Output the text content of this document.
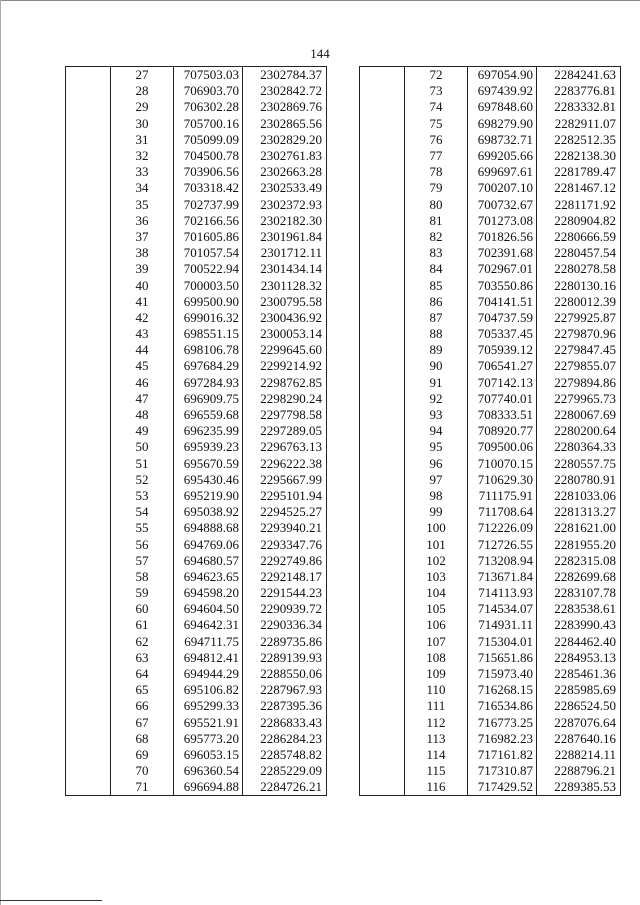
144
	27	707503.03	2302784.37
	28	706903.70	2302842.72
	29	706302.28	2302869.76
	30	705700.16	2302865.56
	31	705099.09	2302829.20
	32	704500.78	2302761.83
	33	703906.56	2302663.28
	34	703318.42	2302533.49
	35	702737.99	2302372.93
	36	702166.56	2302182.30
	37	701605.86	2301961.84
	38	701057.54	2301712.11
	39	700522.94	2301434.14
	40	700003.50	2301128.32
	41	699500.90	2300795.58
	42	699016.32	2300436.92
	43	698551.15	2300053.14
	44	698106.78	2299645.60
	45	697684.29	2299214.92
	46	697284.93	2298762.85
	47	696909.75	2298290.24
	48	696559.68	2297798.58
	49	696235.99	2297289.05
	50	695939.23	2296763.13
	51	695670.59	2296222.38
	52	695430.46	2295667.99
	53	695219.90	2295101.94
	54	695038.92	2294525.27
	55	694888.68	2293940.21
	56	694769.06	2293347.76
	57	694680.57	2292749.86
	58	694623.65	2292148.17
	59	694598.20	2291544.23
	60	694604.50	2290939.72
	61	694642.31	2290336.34
	62	694711.75	2289735.86
	63	694812.41	2289139.93
	64	694944.29	2288550.06
	65	695106.82	2287967.93
	66	695299.33	2287395.36
	67	695521.91	2286833.43
	68	695773.20	2286284.23
	69	696053.15	2285748.82
	70	696360.54	2285229.09
	71	696694.88	2284726.21
	72	697054.90	2284241.63
	73	697439.92	2283776.81
	74	697848.60	2283332.81
	75	698279.90	2282911.07
	76	698732.71	2282512.35
	77	699205.66	2282138.30
	78	699697.61	2281789.47
	79	700207.10	2281467.12
	80	700732.67	2281171.92
	81	701273.08	2280904.82
	82	701826.56	2280666.59
	83	702391.68	2280457.54
	84	702967.01	2280278.58
	85	703550.86	2280130.16
	86	704141.51	2280012.39
	87	704737.59	2279925.87
	88	705337.45	2279870.96
	89	705939.12	2279847.45
	90	706541.27	2279855.07
	91	707142.13	2279894.86
	92	707740.01	2279965.73
	93	708333.51	2280067.69
	94	708920.77	2280200.64
	95	709500.06	2280364.33
	96	710070.15	2280557.75
	97	710629.30	2280780.91
	98	711175.91	2281033.06
	99	711708.64	2281313.27
	100	712226.09	2281621.00
	101	712726.55	2281955.20
	102	713208.94	2282315.08
	103	713671.84	2282699.68
	104	714113.93	2283107.78
	105	714534.07	2283538.61
	106	714931.11	2283990.43
	107	715304.01	2284462.40
	108	715651.86	2284953.13
	109	715973.40	2285461.36
	110	716268.15	2285985.69
	111	716534.86	2286524.50
	112	716773.25	2287076.64
	113	716982.23	2287640.16
	114	717161.82	2288214.11
	115	717310.87	2288796.21
	116	717429.52	2289385.53
